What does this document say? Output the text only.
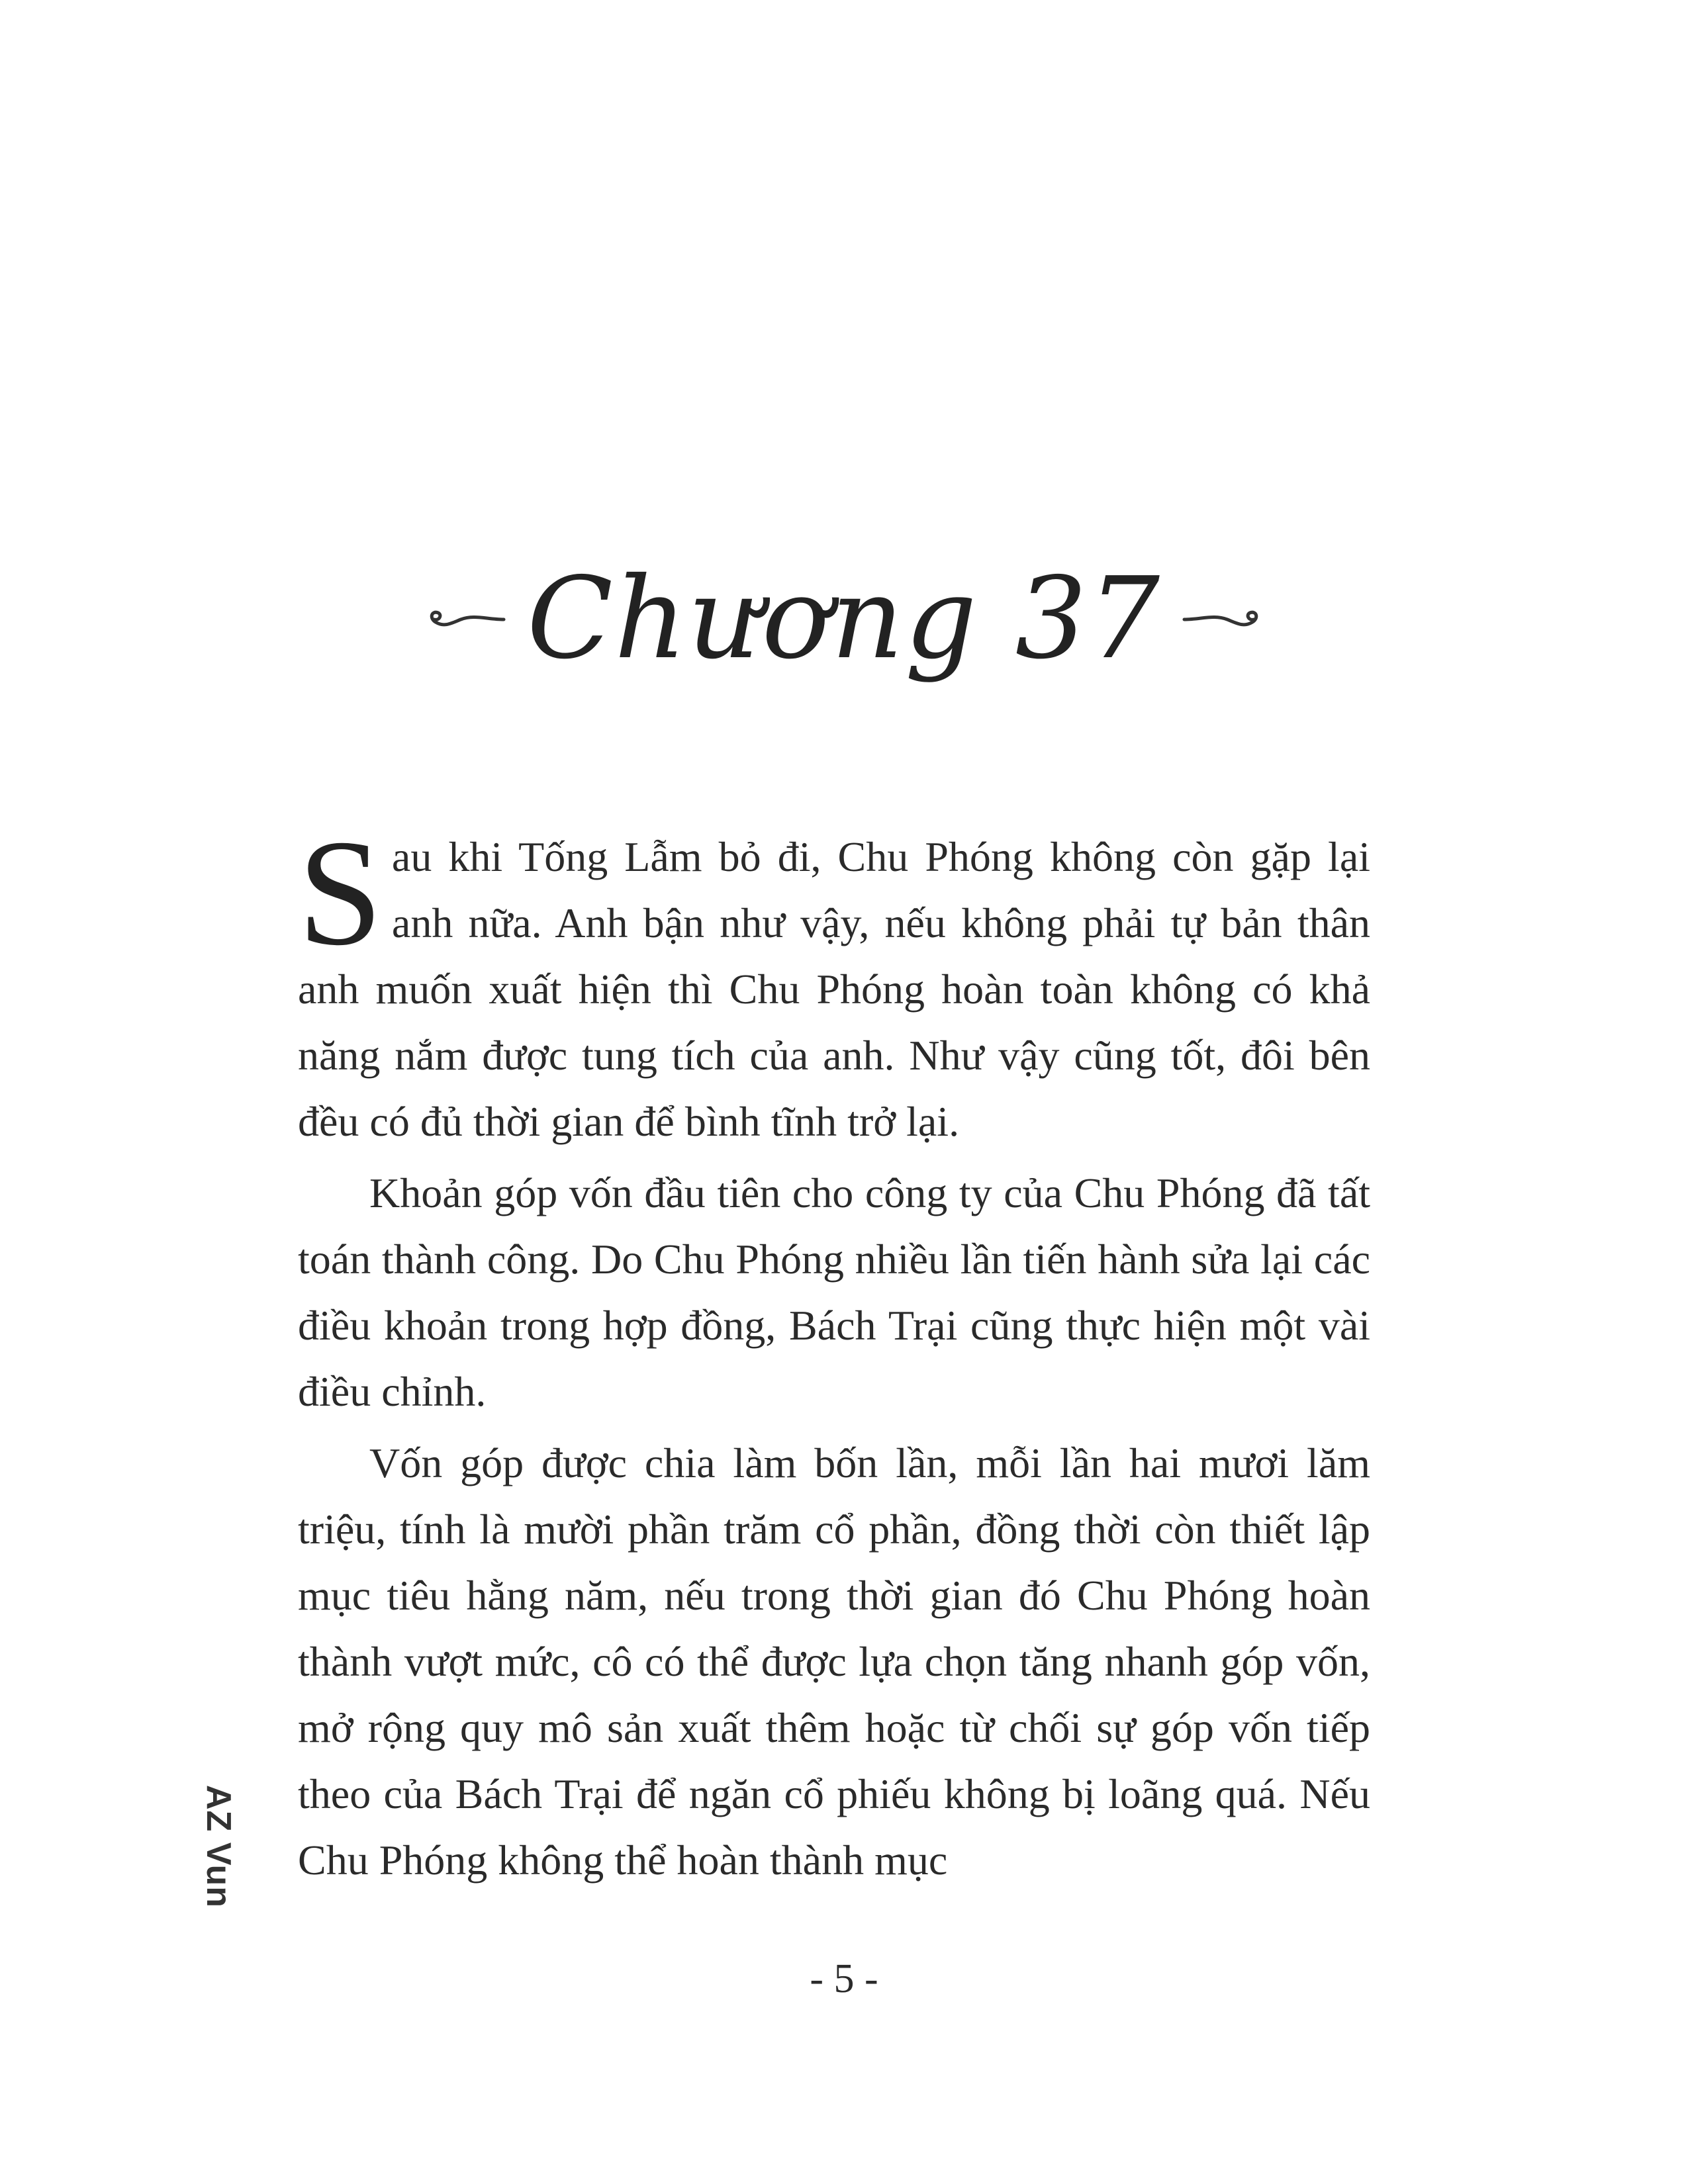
Chương 37

Sau khi Tống Lẫm bỏ đi, Chu Phóng không còn gặp lại anh nữa. Anh bận như vậy, nếu không phải tự bản thân anh muốn xuất hiện thì Chu Phóng hoàn toàn không có khả năng nắm được tung tích của anh. Như vậy cũng tốt, đôi bên đều có đủ thời gian để bình tĩnh trở lại.

Khoản góp vốn đầu tiên cho công ty của Chu Phóng đã tất toán thành công. Do Chu Phóng nhiều lần tiến hành sửa lại các điều khoản trong hợp đồng, Bách Trại cũng thực hiện một vài điều chỉnh.

Vốn góp được chia làm bốn lần, mỗi lần hai mươi lăm triệu, tính là mười phần trăm cổ phần, đồng thời còn thiết lập mục tiêu hằng năm, nếu trong thời gian đó Chu Phóng hoàn thành vượt mức, cô có thể được lựa chọn tăng nhanh góp vốn, mở rộng quy mô sản xuất thêm hoặc từ chối sự góp vốn tiếp theo của Bách Trại để ngăn cổ phiếu không bị loãng quá. Nếu Chu Phóng không thể hoàn thành mục

AZ Vun
- 5 -
